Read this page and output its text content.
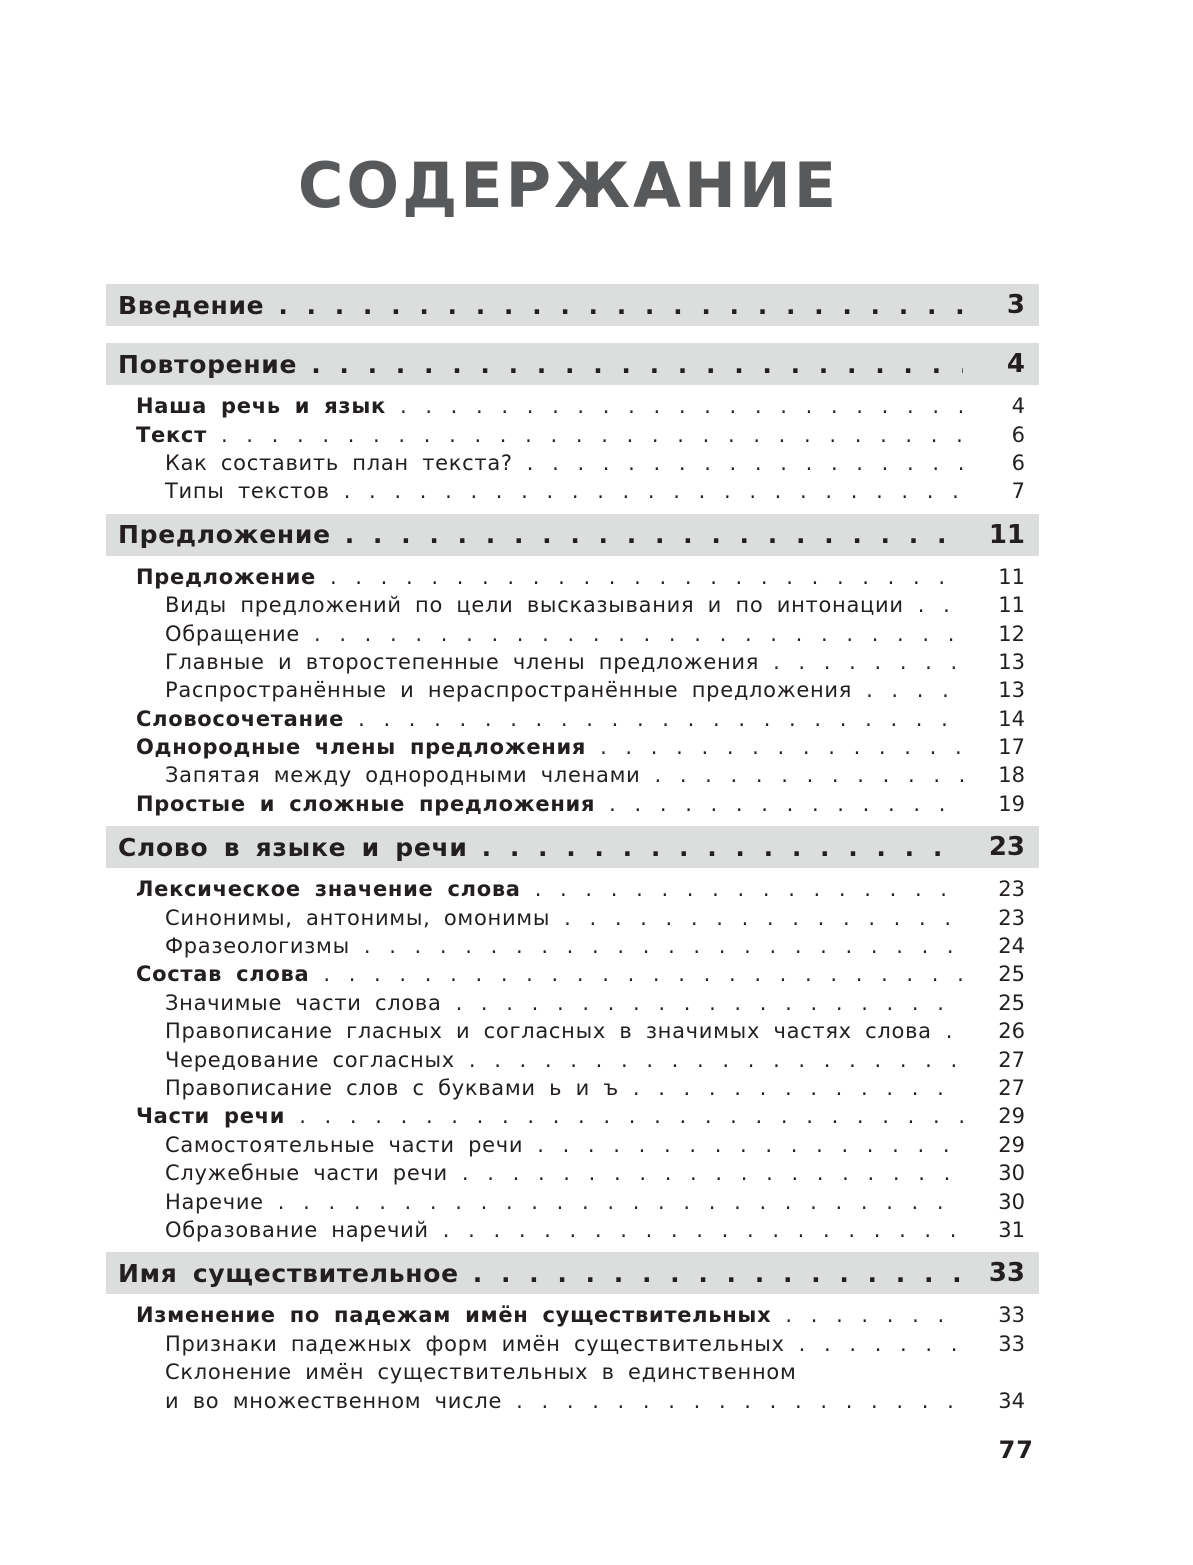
СОДЕРЖАНИЕ
Введение . . .	3
Повторение . . .	4
Наша речь и язык . . .	4
Текст . . .	6
Как составить план текста? . . .	6
Типы текстов . . .	7
Предложение . . .	11
Предложение . . .	11
Виды предложений по цели высказывания и по интонации . . .	11
Обращение . . .	12
Главные и второстепенные члены предложения . . .	13
Распространённые и нераспространённые предложения . . .	13
Словосочетание . . .	14
Однородные члены предложения . . .	17
Запятая между однородными членами . . .	18
Простые и сложные предложения . . .	19
Слово в языке и речи . . .	23
Лексическое значение слова . . .	23
Синонимы, антонимы, омонимы . . .	23
Фразеологизмы . . .	24
Состав слова . . .	25
Значимые части слова . . .	25
Правописание гласных и согласных в значимых частях слова . . .	26
Чередование согласных . . .	27
Правописание слов с буквами ь и ъ . . .	27
Части речи . . .	29
Самостоятельные части речи . . .	29
Служебные части речи . . .	30
Наречие . . .	30
Образование наречий . . .	31
Имя существительное . . .	33
Изменение по падежам имён существительных . . .	33
Признаки падежных форм имён существительных . . .	33
Склонение имён существительных в единственном
и во множественном числе . . .	34
77
